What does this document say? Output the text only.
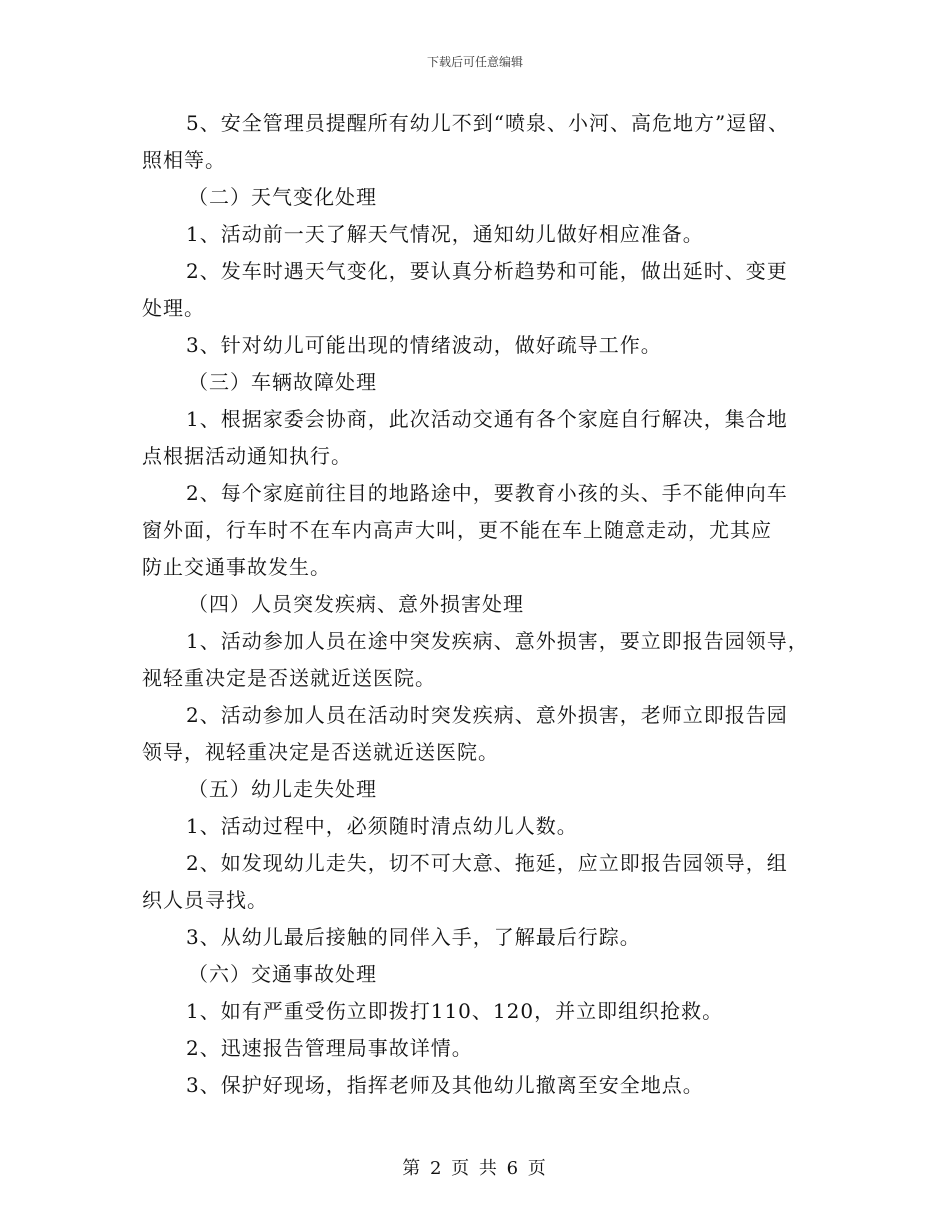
下载后可任意编辑
5、安全管理员提醒所有幼儿不到“喷泉、小河、高危地方”逗留、
照相等。
（二）天气变化处理
1、活动前一天了解天气情况，通知幼儿做好相应准备。
2、发车时遇天气变化，要认真分析趋势和可能，做出延时、变更
处理。
3、针对幼儿可能出现的情绪波动，做好疏导工作。
（三）车辆故障处理
1、根据家委会协商，此次活动交通有各个家庭自行解决，集合地
点根据活动通知执行。
2、每个家庭前往目的地路途中，要教育小孩的头、手不能伸向车
窗外面，行车时不在车内高声大叫，更不能在车上随意走动，尤其应
防止交通事故发生。
（四）人员突发疾病、意外损害处理
1、活动参加人员在途中突发疾病、意外损害，要立即报告园领导，
视轻重决定是否送就近送医院。
2、活动参加人员在活动时突发疾病、意外损害，老师立即报告园
领导，视轻重决定是否送就近送医院。
（五）幼儿走失处理
1、活动过程中，必须随时清点幼儿人数。
2、如发现幼儿走失，切不可大意、拖延，应立即报告园领导，组
织人员寻找。
3、从幼儿最后接触的同伴入手，了解最后行踪。
（六）交通事故处理
1、如有严重受伤立即拨打110、120，并立即组织抢救。
2、迅速报告管理局事故详情。
3、保护好现场，指挥老师及其他幼儿撤离至安全地点。
第 2 页 共 6 页
